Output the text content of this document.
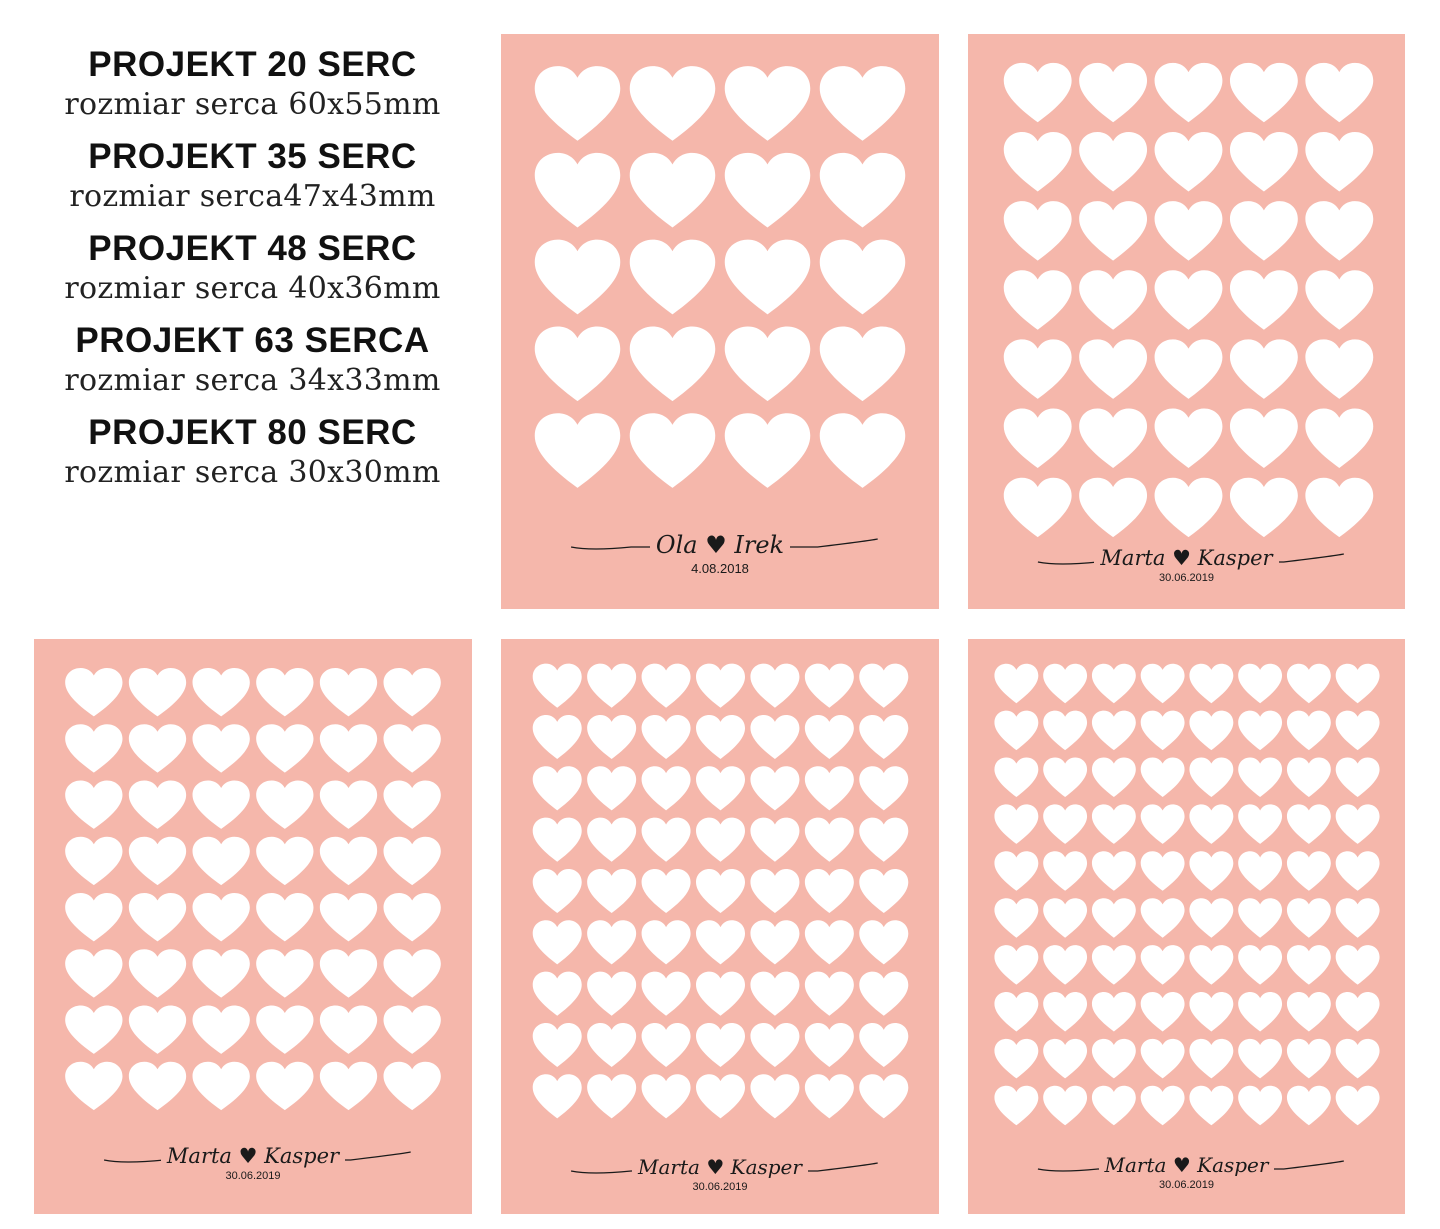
PROJEKT 20 SERC
rozmiar serca 60x55mm
PROJEKT 35 SERC
rozmiar serca47x43mm
PROJEKT 48 SERC
rozmiar serca 40x36mm
PROJEKT 63 SERCA
rozmiar serca 34x33mm
PROJEKT 80 SERC
rozmiar serca 30x30mm
Ola ♥ Irek
4.08.2018	Marta ♥ Kasper
30.06.2019
Marta ♥ Kasper
30.06.2019	Marta ♥ Kasper
30.06.2019
Marta ♥ Kasper
30.06.2019
